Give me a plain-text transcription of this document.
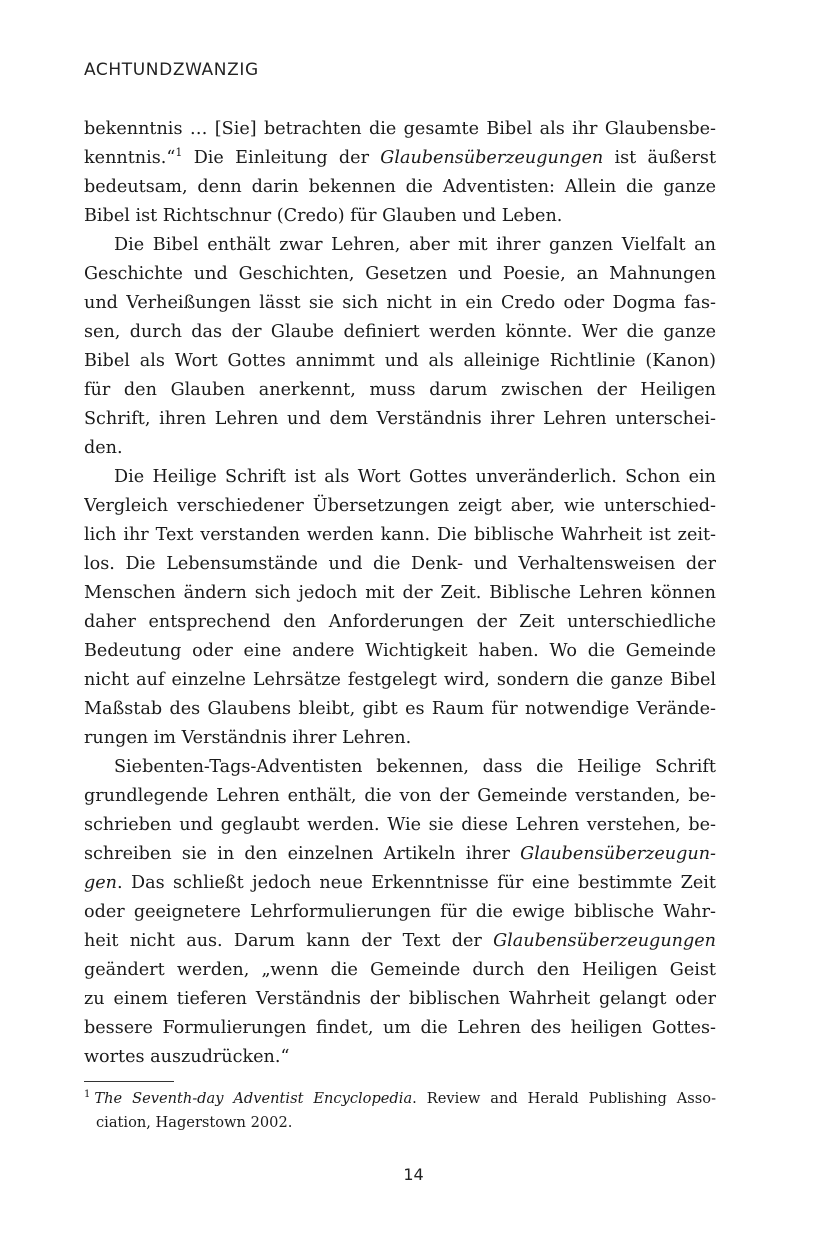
ACHTUNDZWANZIG
bekenntnis … [Sie] betrachten die gesamte Bibel als ihr Glaubensbe-
kenntnis.“$^1$ Die Einleitung der Glaubensüberzeugungen ist äußerst
bedeutsam, denn darin bekennen die Adventisten: Allein die ganze
Bibel ist Richtschnur (Credo) für Glauben und Leben.
Die Bibel enthält zwar Lehren, aber mit ihrer ganzen Vielfalt an
Geschichte und Geschichten, Gesetzen und Poesie, an Mahnungen
und Verheißungen lässt sie sich nicht in ein Credo oder Dogma fas-
sen, durch das der Glaube definiert werden könnte. Wer die ganze
Bibel als Wort Gottes annimmt und als alleinige Richtlinie (Kanon)
für den Glauben anerkennt, muss darum zwischen der Heiligen
Schrift, ihren Lehren und dem Verständnis ihrer Lehren unterschei-
den.
Die Heilige Schrift ist als Wort Gottes unveränderlich. Schon ein
Vergleich verschiedener Übersetzungen zeigt aber, wie unterschied-
lich ihr Text verstanden werden kann. Die biblische Wahrheit ist zeit-
los. Die Lebensumstände und die Denk- und Verhaltensweisen der
Menschen ändern sich jedoch mit der Zeit. Biblische Lehren können
daher entsprechend den Anforderungen der Zeit unterschiedliche
Bedeutung oder eine andere Wichtigkeit haben. Wo die Gemeinde
nicht auf einzelne Lehrsätze festgelegt wird, sondern die ganze Bibel
Maßstab des Glaubens bleibt, gibt es Raum für notwendige Verände-
rungen im Verständnis ihrer Lehren.
Siebenten-Tags-Adventisten bekennen, dass die Heilige Schrift
grundlegende Lehren enthält, die von der Gemeinde verstanden, be-
schrieben und geglaubt werden. Wie sie diese Lehren verstehen, be-
schreiben sie in den einzelnen Artikeln ihrer Glaubensüberzeugun-
gen. Das schließt jedoch neue Erkenntnisse für eine bestimmte Zeit
oder geeignetere Lehrformulierungen für die ewige biblische Wahr-
heit nicht aus. Darum kann der Text der Glaubensüberzeugungen
geändert werden, „wenn die Gemeinde durch den Heiligen Geist
zu einem tieferen Verständnis der biblischen Wahrheit gelangt oder
bessere Formulierungen findet, um die Lehren des heiligen Gottes-
wortes auszudrücken.“
$^1$ The Seventh-day Adventist Encyclopedia. Review and Herald Publishing Asso-
ciation, Hagerstown 2002.
14
